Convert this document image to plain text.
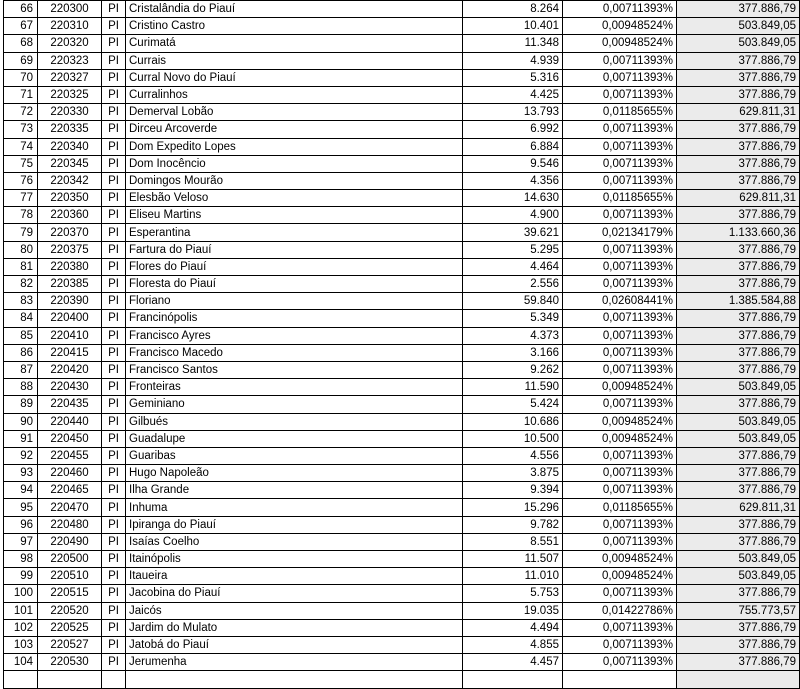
66	220300	PI	Cristalândia do Piauí	8.264	0,00711393%	377.886,79
67	220310	PI	Cristino Castro	10.401	0,00948524%	503.849,05
68	220320	PI	Curimatá	11.348	0,00948524%	503.849,05
69	220323	PI	Currais	4.939	0,00711393%	377.886,79
70	220327	PI	Curral Novo do Piauí	5.316	0,00711393%	377.886,79
71	220325	PI	Curralinhos	4.425	0,00711393%	377.886,79
72	220330	PI	Demerval Lobão	13.793	0,01185655%	629.811,31
73	220335	PI	Dirceu Arcoverde	6.992	0,00711393%	377.886,79
74	220340	PI	Dom Expedito Lopes	6.884	0,00711393%	377.886,79
75	220345	PI	Dom Inocêncio	9.546	0,00711393%	377.886,79
76	220342	PI	Domingos Mourão	4.356	0,00711393%	377.886,79
77	220350	PI	Elesbão Veloso	14.630	0,01185655%	629.811,31
78	220360	PI	Eliseu Martins	4.900	0,00711393%	377.886,79
79	220370	PI	Esperantina	39.621	0,02134179%	1.133.660,36
80	220375	PI	Fartura do Piauí	5.295	0,00711393%	377.886,79
81	220380	PI	Flores do Piauí	4.464	0,00711393%	377.886,79
82	220385	PI	Floresta do Piauí	2.556	0,00711393%	377.886,79
83	220390	PI	Floriano	59.840	0,02608441%	1.385.584,88
84	220400	PI	Francinópolis	5.349	0,00711393%	377.886,79
85	220410	PI	Francisco Ayres	4.373	0,00711393%	377.886,79
86	220415	PI	Francisco Macedo	3.166	0,00711393%	377.886,79
87	220420	PI	Francisco Santos	9.262	0,00711393%	377.886,79
88	220430	PI	Fronteiras	11.590	0,00948524%	503.849,05
89	220435	PI	Geminiano	5.424	0,00711393%	377.886,79
90	220440	PI	Gilbués	10.686	0,00948524%	503.849,05
91	220450	PI	Guadalupe	10.500	0,00948524%	503.849,05
92	220455	PI	Guaribas	4.556	0,00711393%	377.886,79
93	220460	PI	Hugo Napoleão	3.875	0,00711393%	377.886,79
94	220465	PI	Ilha Grande	9.394	0,00711393%	377.886,79
95	220470	PI	Inhuma	15.296	0,01185655%	629.811,31
96	220480	PI	Ipiranga do Piauí	9.782	0,00711393%	377.886,79
97	220490	PI	Isaías Coelho	8.551	0,00711393%	377.886,79
98	220500	PI	Itainópolis	11.507	0,00948524%	503.849,05
99	220510	PI	Itaueira	11.010	0,00948524%	503.849,05
100	220515	PI	Jacobina do Piauí	5.753	0,00711393%	377.886,79
101	220520	PI	Jaicós	19.035	0,01422786%	755.773,57
102	220525	PI	Jardim do Mulato	4.494	0,00711393%	377.886,79
103	220527	PI	Jatobá do Piauí	4.855	0,00711393%	377.886,79
104	220530	PI	Jerumenha	4.457	0,00711393%	377.886,79
